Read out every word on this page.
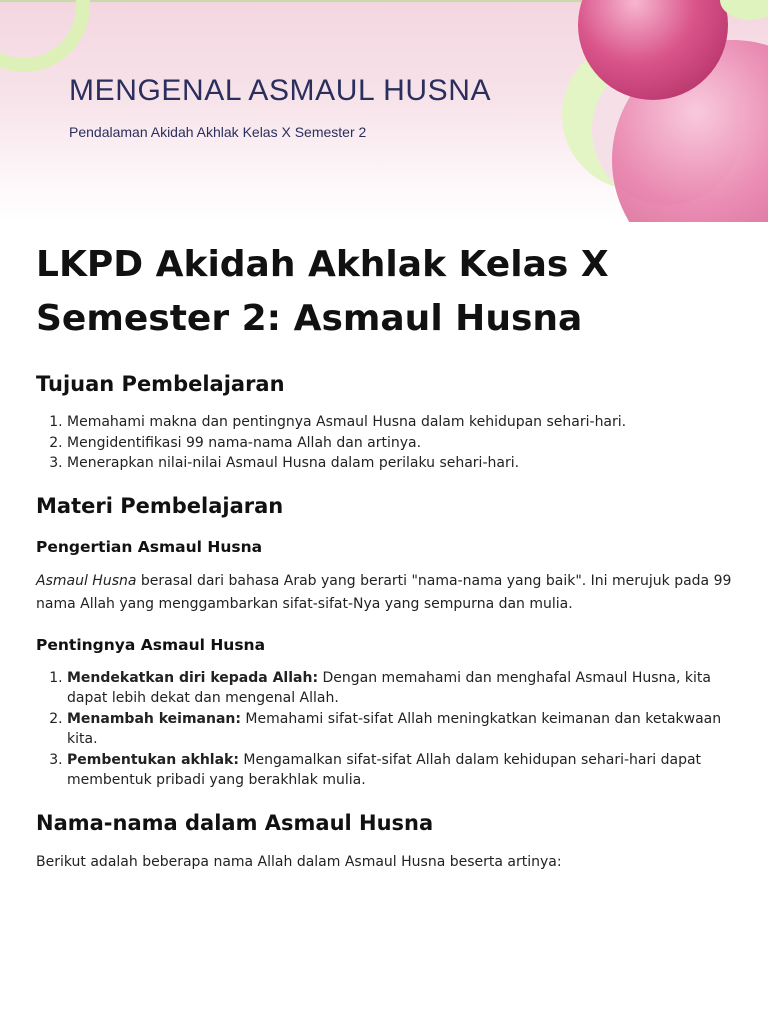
MENGENAL ASMAUL HUSNA

Pendalaman Akidah Akhlak Kelas X Semester 2

LKPD Akidah Akhlak Kelas X Semester 2: Asmaul Husna
Tujuan Pembelajaran
1. Memahami makna dan pentingnya Asmaul Husna dalam kehidupan sehari-hari.
2. Mengidentifikasi 99 nama-nama Allah dan artinya.
3. Menerapkan nilai-nilai Asmaul Husna dalam perilaku sehari-hari.
Materi Pembelajaran
Pengertian Asmaul Husna

Asmaul Husna berasal dari bahasa Arab yang berarti "nama-nama yang baik". Ini merujuk pada 99 nama Allah yang menggambarkan sifat-sifat-Nya yang sempurna dan mulia.

Pentingnya Asmaul Husna
1. Mendekatkan diri kepada Allah: Dengan memahami dan menghafal Asmaul Husna, kita dapat lebih dekat dan mengenal Allah.
2. Menambah keimanan: Memahami sifat-sifat Allah meningkatkan keimanan dan ketakwaan kita.
3. Pembentukan akhlak: Mengamalkan sifat-sifat Allah dalam kehidupan sehari-hari dapat membentuk pribadi yang berakhlak mulia.
Nama-nama dalam Asmaul Husna

Berikut adalah beberapa nama Allah dalam Asmaul Husna beserta artinya:
